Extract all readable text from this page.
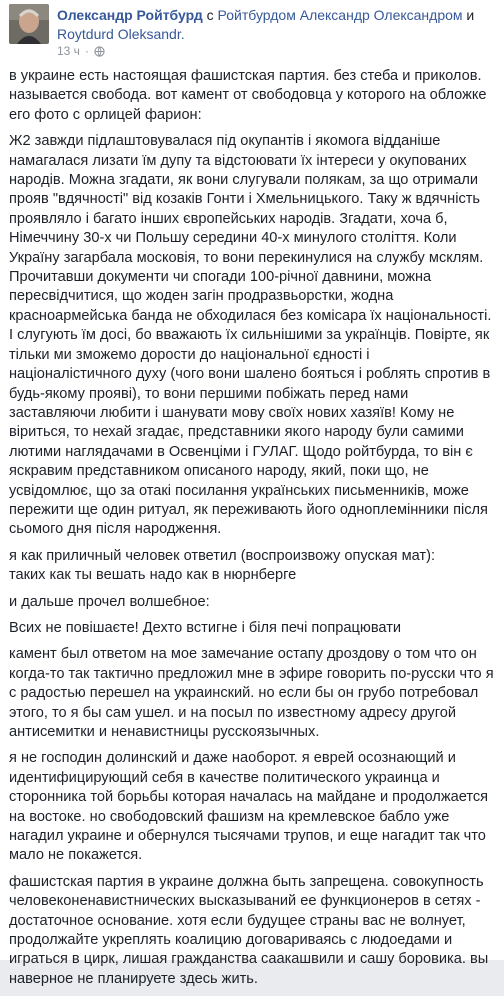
Олександр Ройтбурд с Ройтбурдом Александр Олександром и Roytdurd Oleksandr.
13 ч ·

в украине есть настоящая фашистская партия. без стеба и приколов. называется свобода. вот камент от свободовца у которого на обложке его фото с орлицей фарион:

Ж2 завжди підлаштовувалася під окупантів і якомога відданіше намагалася лизати їм дупу та відстоювати їх інтереси у окупованих народів. Можна згадати, як вони слугували полякам, за що отримали прояв "вдячності" від козаків Гонти і Хмельницького. Таку ж вдячність проявляло і багато інших європейських народів. Згадати, хоча б, Німеччину 30-х чи Польшу середини 40-х минулого століття. Коли Україну загарбала московія, то вони перекинулися на службу мсклям. Прочитавши документи чи спогади 100-річної давнини, можна пересвідчитися, що жоден загін продразвьорстки, жодна красноармейська банда не обходилася без комісара їх національності. І слугують їм досі, бо вважають їх сильнішими за українців. Повірте, як тільки ми зможемо дорости до національної єдності і націоналістичного духу (чого вони шалено бояться і роблять спротив в будь-якому прояві), то вони першими побіжать перед нами заставляючи любити і шанувати мову своїх нових хазяїв! Кому не віриться, то нехай згадає, представники якого народу були самими лютими наглядачами в Освенціми і ГУЛАГ. Щодо ройтбурда, то він є яскравим представником описаного народу, який, поки що, не усвідомлює, що за отакі посилання українських письменників, може пережити ще один ритуал, як переживають його одноплемінники після сьомого дня після народження.

я как приличный человек ответил (воспроизвожу опуская мат):
таких как ты вешать надо как в нюрнберге

и дальше прочел волшебное:

Всих не повішаєте! Дехто встигне і біля печі попрацювати

камент был ответом на мое замечание остапу дроздову о том что он когда-то так тактично предложил мне в эфире говорить по-русски что я с радостью перешел на украинский. но если бы он грубо потребовал этого, то я бы сам ушел. и на посыл по известному адресу другой антисемитки и ненавистницы русскоязычных.

я не господин долинский и даже наоборот. я еврей осознающий и идентифицирующий себя в качестве политического украинца и сторонника той борьбы которая началась на майдане и продолжается на востоке. но свободовский фашизм на кремлевское бабло уже нагадил украине и обернулся тысячами трупов, и еще нагадит так что мало не покажется.

фашистская партия в украине должна быть запрещена. совокупность человеконенавистнических высказываний ее функционеров в сетях - достаточное основание. хотя если будущее страны вас не волнует, продолжайте укреплять коалицию договариваясь с людоедами и играться в цирк, лишая гражданства саакашвили и сашу боровика. вы наверное не планируете здесь жить.
